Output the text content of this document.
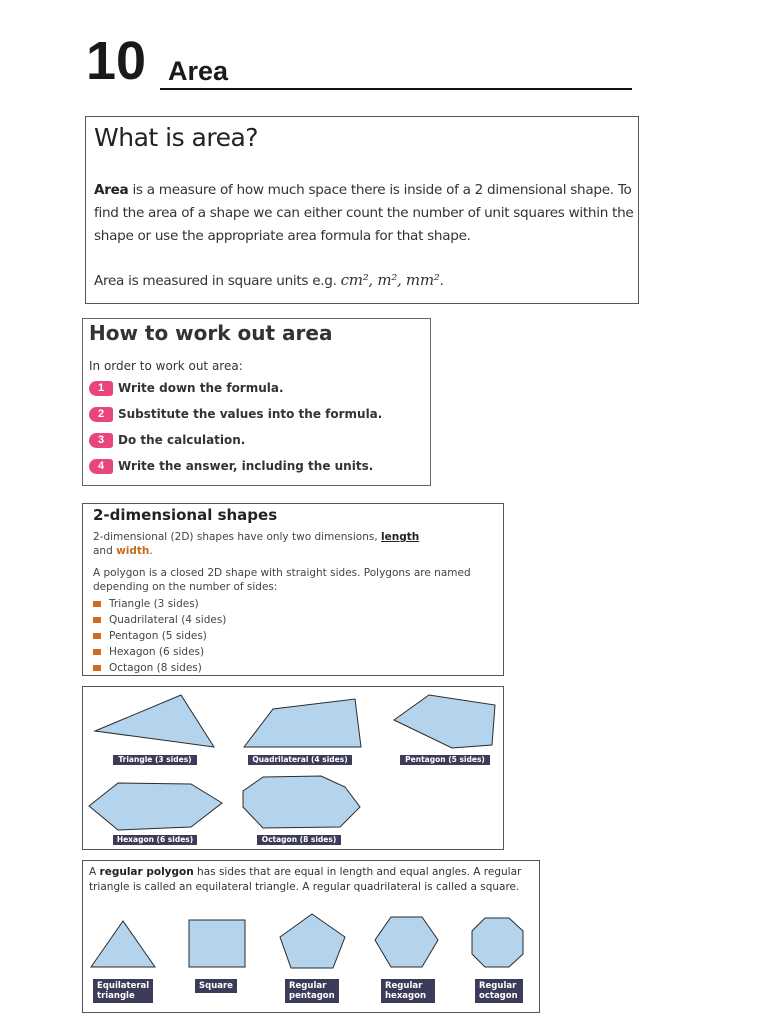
10 Area
What is area?
Area is a measure of how much space there is inside of a 2 dimensional shape. To find the area of a shape we can either count the number of unit squares within the shape or use the appropriate area formula for that shape.
Area is measured in square units e.g. cm², m², mm².
How to work out area
In order to work out area:
1	Write down the formula.
2	Substitute the values into the formula.
3	Do the calculation.
4	Write the answer, including the units.
2-dimensional shapes
2-dimensional (2D) shapes have only two dimensions, length
and width.
A polygon is a closed 2D shape with straight sides. Polygons are named depending on the number of sides:
Triangle (3 sides)
Quadrilateral (4 sides)
Pentagon (5 sides)
Hexagon (6 sides)
Octagon (8 sides)
Triangle (3 sides)	Quadrilateral (4 sides)	Pentagon (5 sides)
Hexagon (6 sides)	Octagon (8 sides)
A regular polygon has sides that are equal in length and equal angles. A regular triangle is called an equilateral triangle. A regular quadrilateral is called a square.
Equilateral
triangle
Square	Regular
pentagon
Regular
hexagon
Regular
octagon
